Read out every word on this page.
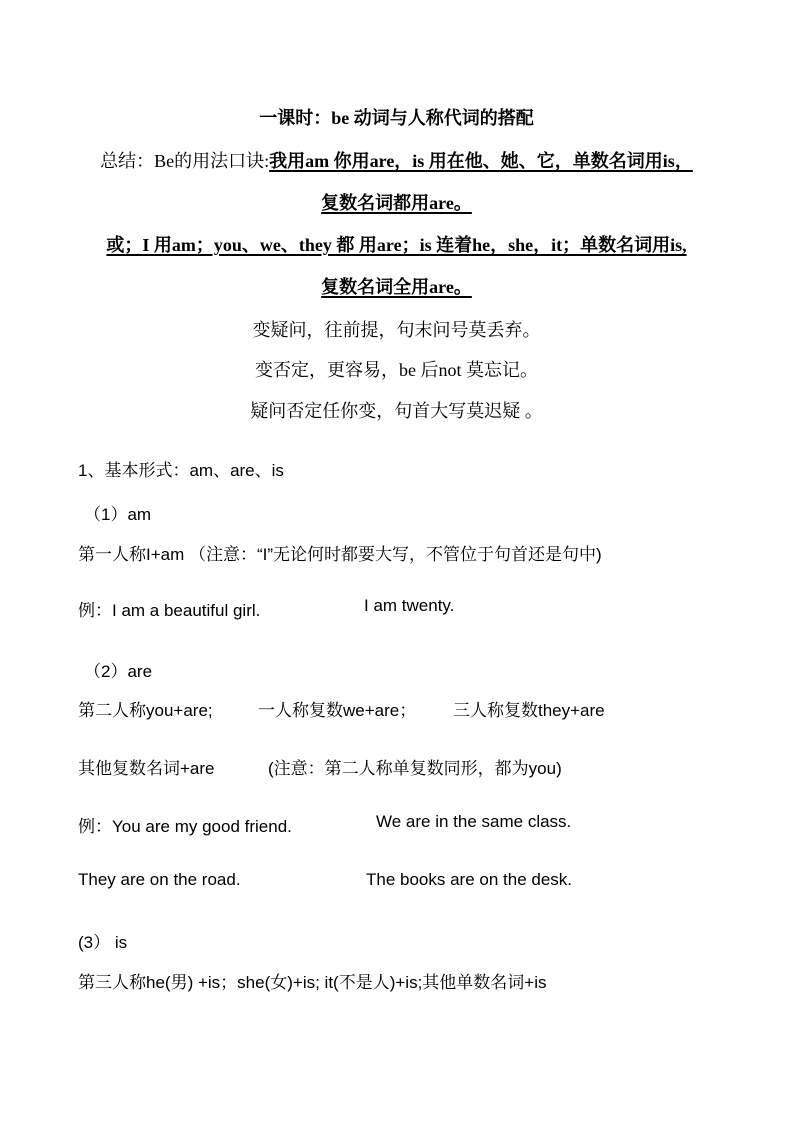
一课时：be 动词与人称代词的搭配
总结：Be的用法口诀:我用am 你用are，is 用在他、她、它，单数名词用is，
复数名词都用are。
或；I 用am；you、we、they 都 用are；is 连着he，she，it；单数名词用is,
复数名词全用are。
变疑问，往前提，句末问号莫丢弃。
变否定，更容易，be 后not 莫忘记。
疑问否定任你变，句首大写莫迟疑 。
1、基本形式：am、are、is
（1）am
第一人称I+am （注意：“I”无论何时都要大写，不管位于句首还是句中)
例：I am a beautiful girl.	I am twenty.
（2）are
第二人称you+are;	一人称复数we+are； 三人称复数they+are
其他复数名词+are	(注意：第二人称单复数同形，都为you)
例：You are my good friend.	We are in the same class.
They are on the road.	The books are on the desk.
(3） is
第三人称he(男) +is；she(女)+is; it(不是人)+is;其他单数名词+is
